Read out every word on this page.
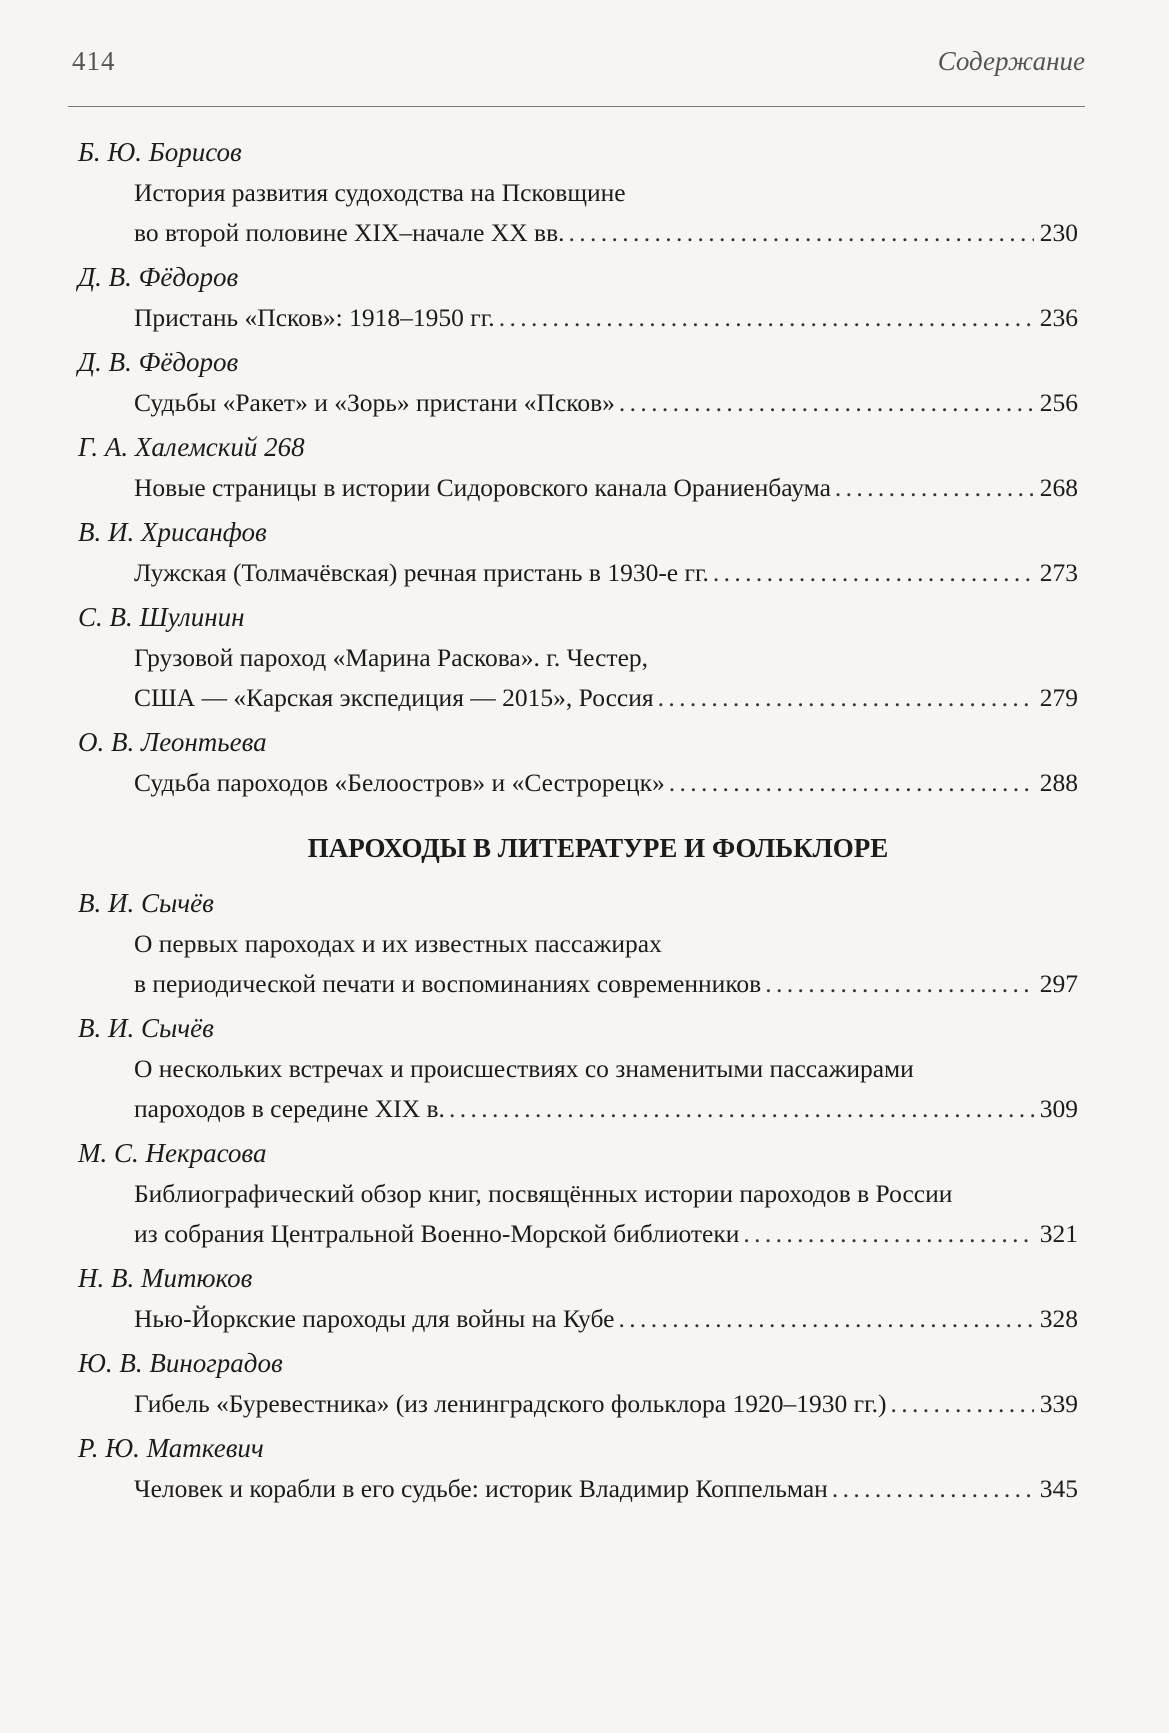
414	Содержание
Б. Ю. Борисов
История развития судоходства на Псковщине
во второй половине XIX–начале XX вв. . . .	230
Д. В. Фёдоров
Пристань «Псков»: 1918–1950 гг. . . .	236
Д. В. Фёдоров
Судьбы «Ракет» и «Зорь» пристани «Псков» . . .	256
Г. А. Халемский 268
Новые страницы в истории Сидоровского канала Ораниенбаума . . .	268
В. И. Хрисанфов
Лужская (Толмачёвская) речная пристань в 1930-е гг. . . .	273
С. В. Шулинин
Грузовой пароход «Марина Раскова». г. Честер,
США — «Карская экспедиция — 2015», Россия . . .	279
О. В. Леонтьева
Судьба пароходов «Белоостров» и «Сестрорецк» . . .	288
ПАРОХОДЫ В ЛИТЕРАТУРЕ И ФОЛЬКЛОРЕ
В. И. Сычёв
О первых пароходах и их известных пассажирах
в периодической печати и воспоминаниях современников . . .	297
В. И. Сычёв
О нескольких встречах и происшествиях со знаменитыми пассажирами
пароходов в середине XIX в. . . .	309
М. С. Некрасова
Библиографический обзор книг, посвящённых истории пароходов в России
из собрания Центральной Военно-Морской библиотеки . . .	321
Н. В. Митюков
Нью-Йоркские пароходы для войны на Кубе . . .	328
Ю. В. Виноградов
Гибель «Буревестника» (из ленинградского фольклора 1920–1930 гг.) . . .	339
Р. Ю. Маткевич
Человек и корабли в его судьбе: историк Владимир Коппельман . . .	345
